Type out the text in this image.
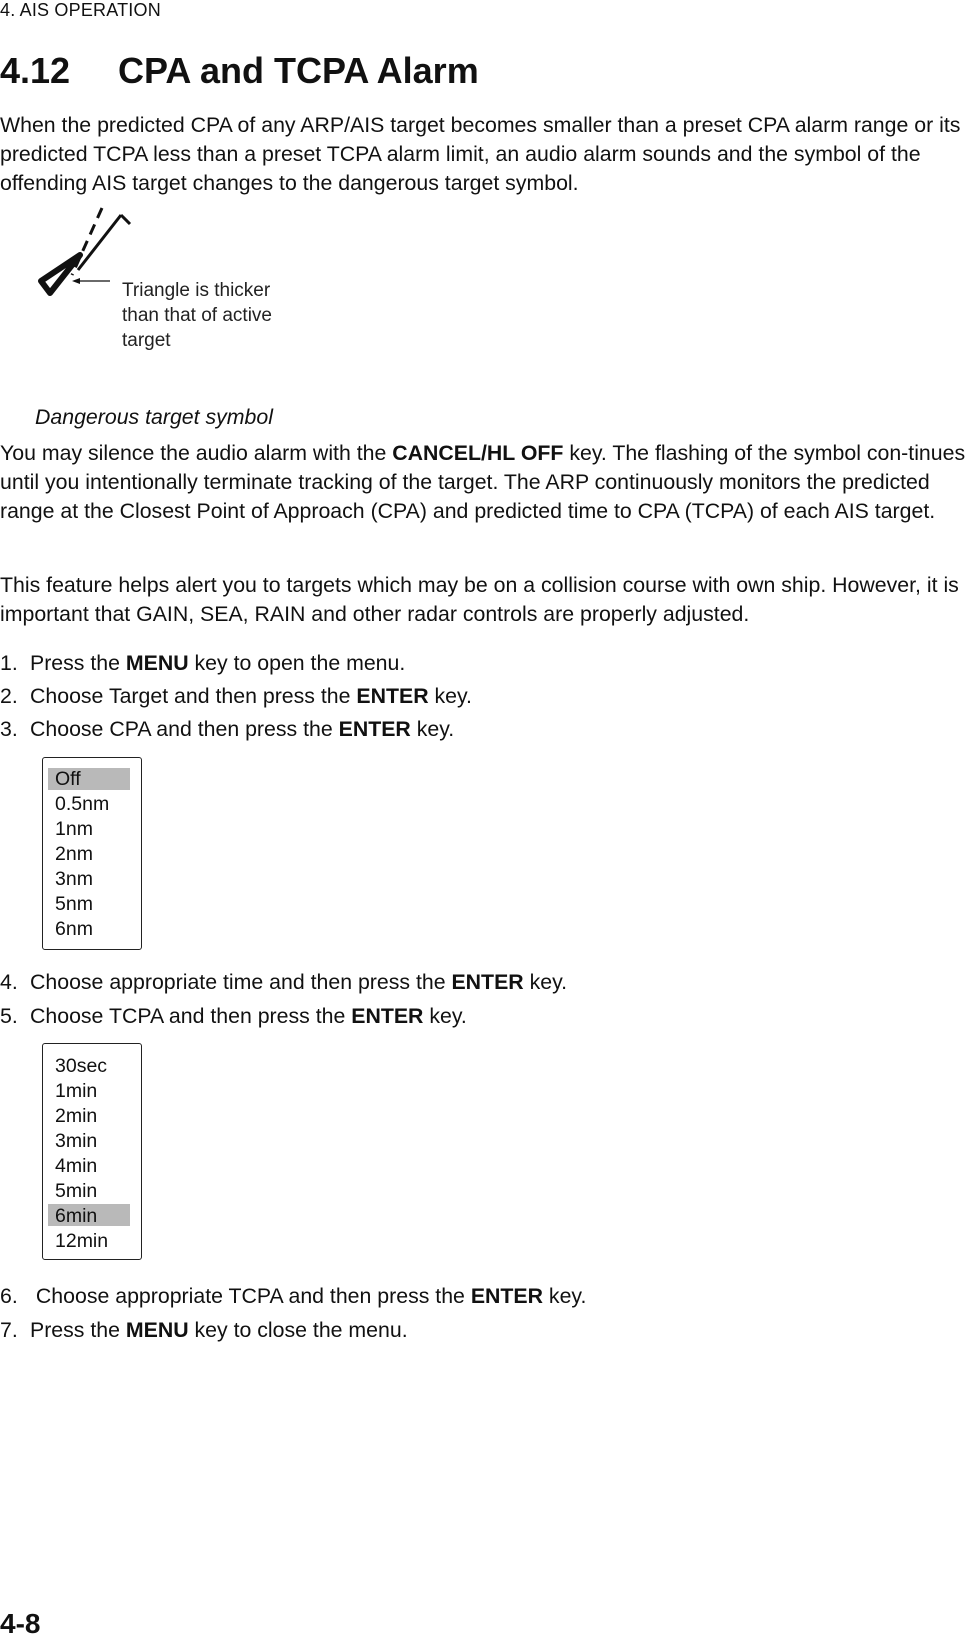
4. AIS OPERATION
4.12 CPA and TCPA Alarm

When the predicted CPA of any ARP/AIS target becomes smaller than a preset CPA alarm range or its predicted TCPA less than a preset TCPA alarm limit, an audio alarm sounds and the symbol of the offending AIS target changes to the dangerous target symbol.

Triangle is thicker
than that of active
target
Dangerous target symbol

You may silence the audio alarm with the CANCEL/HL OFF key. The flashing of the symbol con-tinues until you intentionally terminate tracking of the target. The ARP continuously monitors the predicted range at the Closest Point of Approach (CPA) and predicted time to CPA (TCPA) of each AIS target.

This feature helps alert you to targets which may be on a collision course with own ship. However, it is important that GAIN, SEA, RAIN and other radar controls are properly adjusted.

1. Press the MENU key to open the menu.
2. Choose Target and then press the ENTER key.
3. Choose CPA and then press the ENTER key.
Off
0.5nm
1nm
2nm
3nm
5nm
6nm
4. Choose appropriate time and then press the ENTER key.
5. Choose TCPA and then press the ENTER key.
30sec
1min
2min
3min
4min
5min
6min
12min
6. Choose appropriate TCPA and then press the ENTER key.
7. Press the MENU key to close the menu.
4-8
